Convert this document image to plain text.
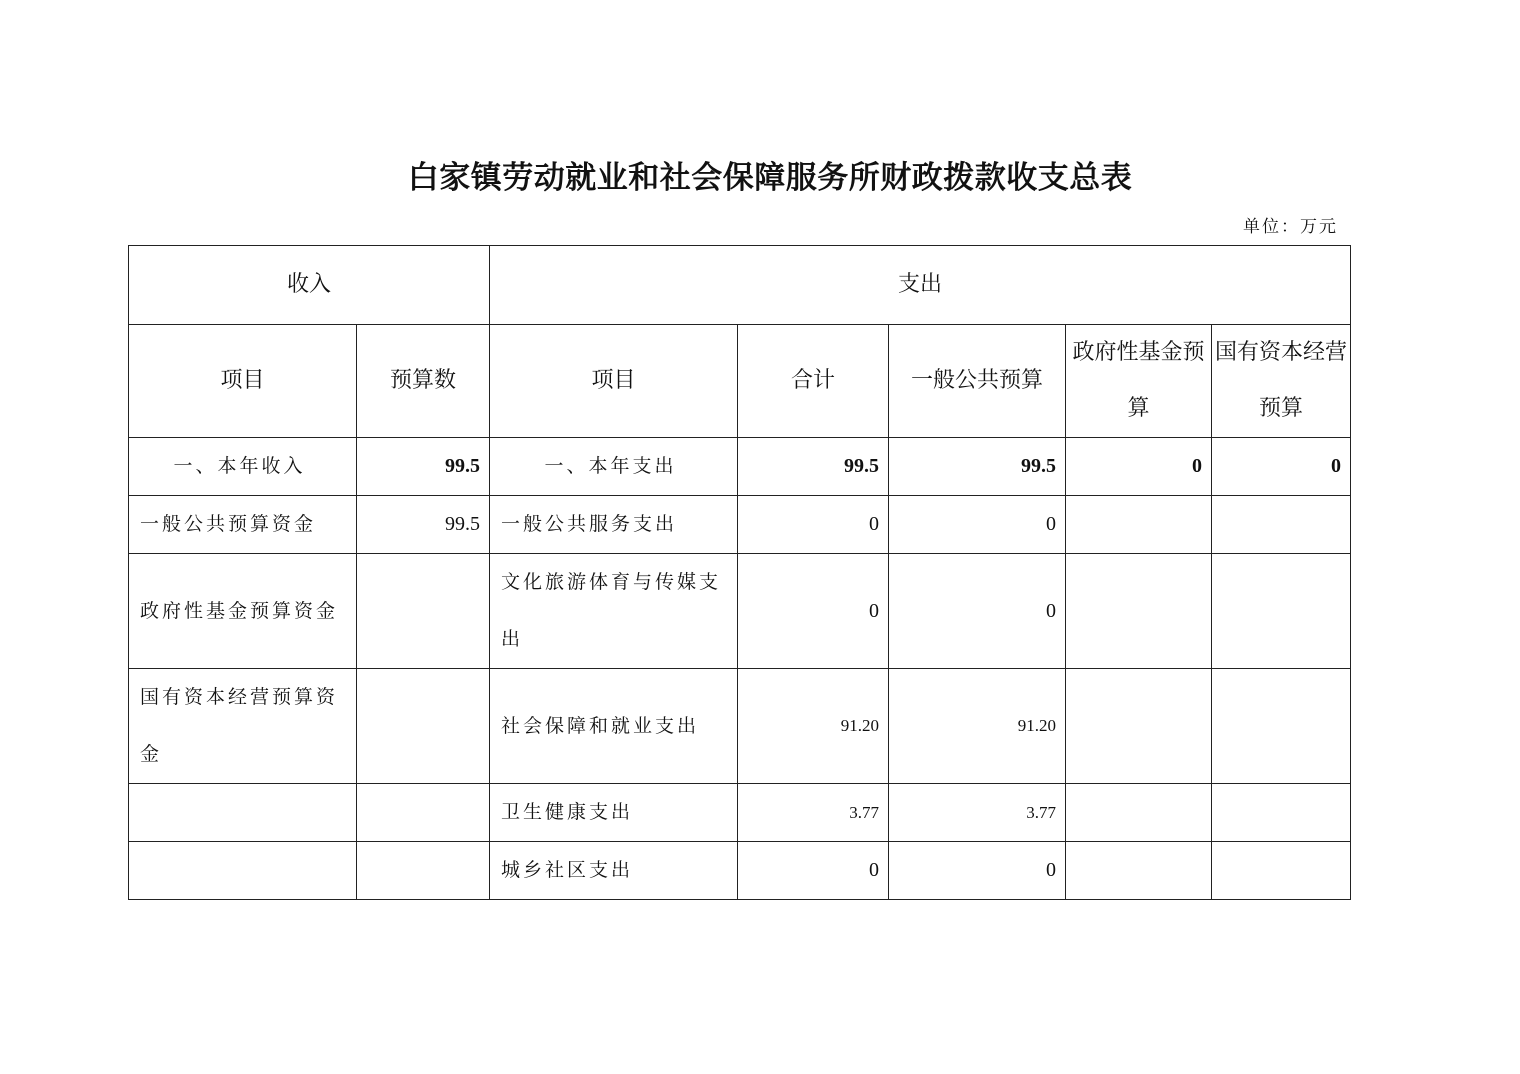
白家镇劳动就业和社会保障服务所财政拨款收支总表
单位：万元
收入		支出				
项目	预算数	项目	合计	一般公共预算	政府性基金预算	国有资本经营预算
一、本年收入	99.5	一、本年支出	99.5	99.5	0	0
一般公共预算资金	99.5	一般公共服务支出	0	0		
政府性基金预算资金		文化旅游体育与传媒支出	0	0		
国有资本经营预算资金		社会保障和就业支出	91.20	91.20		
		卫生健康支出	3.77	3.77		
		城乡社区支出	0	0		
